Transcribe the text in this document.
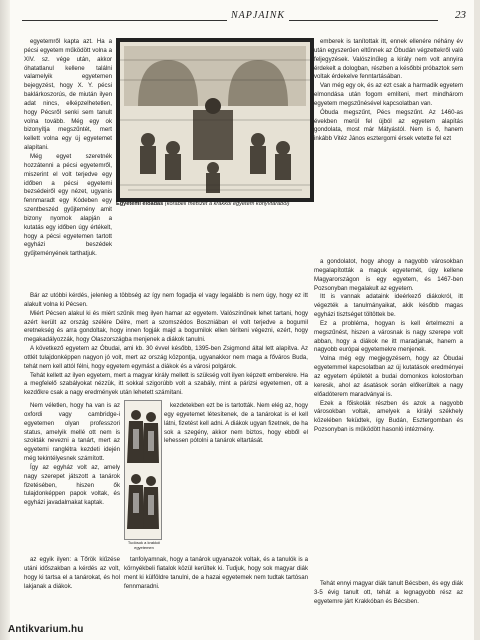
NAPJAINK	23

egyetemről kapta azt. Ha a pécsi egyetem működött volna a XIV. sz. vége után, akkor óhatatlanul kellene találni valamelyik egyetemen bejegyzést, hogy X. Y. pécsi baklárkoszorús, de miután ilyen adat nincs, elképzelhetetlen, hogy Pécsről senki sem tanult volna tovább. Még egy ok bizonyítja megszűntét, mert kellett volna egy új egyetemet alapítani.

Még egyet szeretnék hozzátenni a pécsi egyetemről, miszerint el volt terjedve egy időben a pécsi egyetemi bezsédeiről egy nézet, ugyanis fennmaradt egy Kódeben egy szentbeszéd gyűjtemény amit bizony nyomok alapján a kutatás egy időben úgy értékelt, hogy a pécsi egyetemen tartott egyházi beszédek gyűjteményének tarthatjuk.

Egyetemi előadás (korabeli metszet a krakkói egyetem könyvtárából)

emberek is tanítottak itt, ennek ellenére néhány év után egyszerűen eltűnnek az Óbudán végzettekről való feljegyzések. Valószínűleg a király nem volt annyira érdekelt a dologban, részben a későbbi próbaztok sem voltak érdekelve fenntartásában.

Van még egy ok, és az ezt csak a harmadik egyetem elmondása után fogom említeni, mert mindhárom egyetem megszűnésével kapcsolatban van.

Óbuda megszűnt, Pécs megszűnt. Az 1460-as években merül fel újból az egyetem alapítás gondolata, most már Mátyástól. Nem is ő, hanem inkább Vitéz János esztergomi érsek vetette fel ezt

Bár az utóbbi kérdés, jelenleg a többség az így nem fogadja el vagy legalább is nem úgy, hogy ez itt alakult volna ki Pécsen.

Miért Pécsen alakul ki és miért szűnik meg ilyen hamar az egyetem. Valószínűnek lehet tartani, hogy azért került az ország szélére Délre, mert a szomszédos Boszniában el volt terjedve a bogumil eretnekség és arra gondoltak, hogy innen fogják majd a bogumilok ellen téríteni végezni, ezért, hogy megakadályozzák, hogy Olaszországba menjenek a diákok tanulni.

A következő egyetem az Óbudai, ami kb. 30 évvel később, 1395-ben Zsigmond által lett alapítva. Az ottlét tulajdonképpen nagyon jó volt, mert az ország központja, ugyanakkor nem maga a főváros Buda, tehát nem kell attól félni, hogy egyetem egymást a diákok és a városi polgárok.

Tehát kellett az ilyen egyetem, mert a magyar király mellett is szükség volt ilyen képzett emberekre. Ha a megfelelő szabályokat nézzük, itt sokkal szigorúbb volt a szabály, mint a párizsi egyetemen, ott a kezdőkre csak a nagy eredmények után lehetett számítani.

Nem véletlen, hogy ha van is az oxfordi vagy cambridge-i egyetemen olyan professzori status, amelyik mellé ott nem is szokták nevezni a tanárt, mert az egyetemi ranglétra kezdeti idején még tekintélyesnek számított.

Így az egyház volt az, amely nagy szerepet játszott a tanárok fizetésében, hiszen ők tulajdonképpen papok voltak, és egyházi javadalmakat kaptak.

kezdetekben ezt be is tartották. Nem elég az, hogy egy egyetemet létesítenek, de a tanárokat is el kell látni, fizetést kell adni. A diákok ugyan fizetnek, de ha sok a szegény, akkor nem biztos, hogy ebből el lehessen pótolni a tanárok eltartását.

Tudósok a krakkói egyetemen

a gondolatot, hogy ahogy a nagyobb városokban megalapították a maguk egyetemét, úgy kellene Magyarországon is egy egyetem, és 1467-ben Pozsonyban megalakult az egyetem.

Itt is vannak adataink ideérkező diákokról, itt végezték a tanulmányaikat, akik később magas egyházi tisztséget töltöttek be.

Ez a probléma, hogyan is kell értelmezni a megszűnést, hiszen a városnak is nagy szerepe volt abban, hogy a diákok ne itt maradjanak, hanem a nagyobb európai egyetemekre menjenek.

Volna még egy megjegyzésem, hogy az Óbudai egyetemmel kapcsolatban az új kutatások eredményei az egyetem épületét a budai domonkos kolostorban keresik, ahol az ásatások során előkerültek a nagy előadóterem maradványai is.

Ezek a főiskolák részben és azok a nagyobb városokban voltak, amelyek a királyi székhely közelében feküdtek, így Budán, Esztergomban és Pozsonyban is működött hasonló intézmény.

az egyik ilyen: a Tőrök kiűzése utáni időszakban a kérdés az volt, hogy ki tartsa el a tanárokat, és hol lakjanak a diákok.

tanfolyamnak, hogy a tanárok ugyanazok voltak, és a tanulók is a környékbeli fiatalok közül kerültek ki. Tudjuk, hogy sok magyar diák ment ki külföldre tanulni, de a hazai egyetemek nem tudtak tartósan fennmaradni.	Tehát ennyi magyar diák tanult Bécsben, és egy diák 3-5 évig tanult ott, tehát a legnagyobb rész az egyetemre járt Krakkóban és Bécsben.

Antikvarium.hu
